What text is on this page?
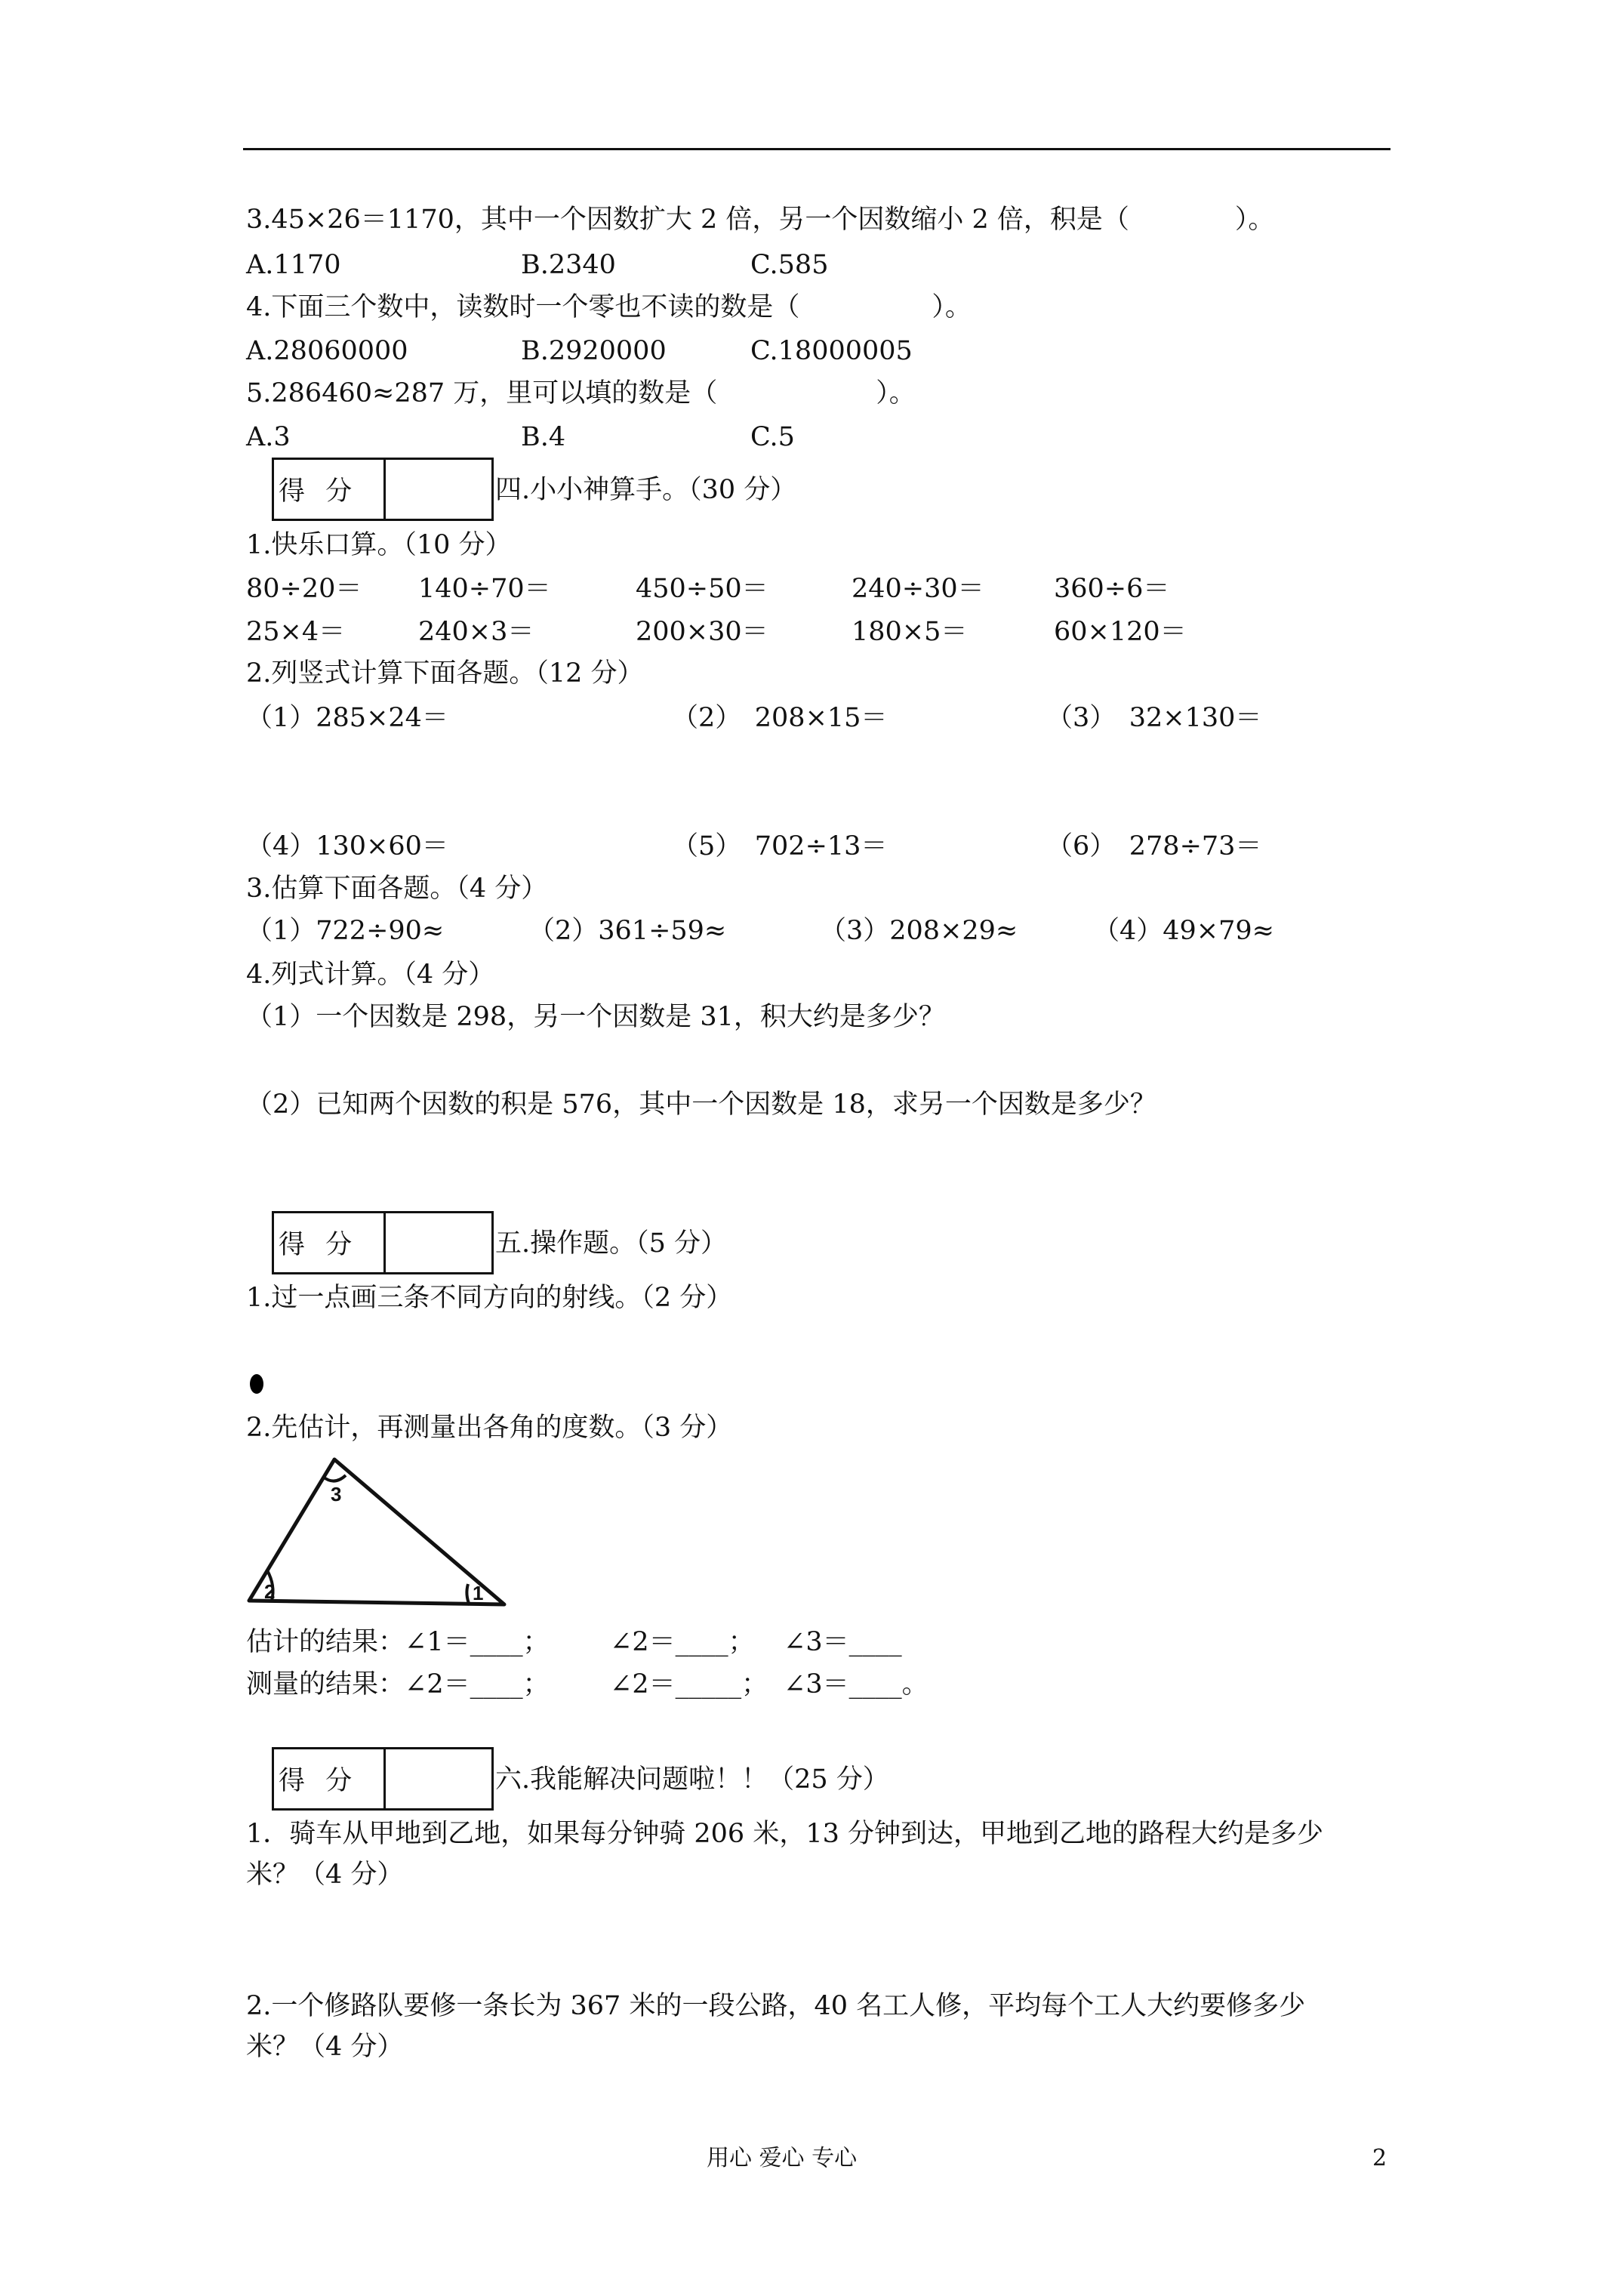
3.45×26＝1170，其中一个因数扩大 2 倍，另一个因数缩小 2 倍，积是（　　　　）。
A.1170	B.2340	C.585
4.下面三个数中，读数时一个零也不读的数是（　　　　　）。
A.28060000	B.2920000	C.18000005
5.286460≈287 万，里可以填的数是（　　　　　　）。
A.3	B.4	C.5
得 分	四.小小神算手。（30 分）
1.快乐口算。（10 分）
80÷20＝ 140÷70＝	450÷50＝	240÷30＝	360÷6＝
25×4＝	240×3＝	200×30＝	180×5＝	60×120＝
2.列竖式计算下面各题。（12 分）
（1）285×24＝	（2）　208×15＝	（3）　32×130＝
（4）130×60＝	（5）　702÷13＝	（6）　278÷73＝
3.估算下面各题。（4 分）
（1）722÷90≈	（2）361÷59≈	（3）208×29≈	（4）49×79≈
4.列式计算。（4 分）
（1）一个因数是 298，另一个因数是 31，积大约是多少？
（2）已知两个因数的积是 576，其中一个因数是 18，求另一个因数是多少？
得 分	五.操作题。（5 分）
1.过一点画三条不同方向的射线。（2 分）
2.先估计，再测量出各角的度数。（3 分）
3
2	1
估计的结果：∠1＝____； ∠2＝____； ∠3＝____
测量的结果：∠2＝____； ∠2＝_____； ∠3＝____。
得 分	六.我能解决问题啦！！（25 分）
1．骑车从甲地到乙地，如果每分钟骑 206 米，13 分钟到达，甲地到乙地的路程大约是多少
米？（4 分）
2.一个修路队要修一条长为 367 米的一段公路，40 名工人修，平均每个工人大约要修多少
米？（4 分）
用心 爱心 专心	2
